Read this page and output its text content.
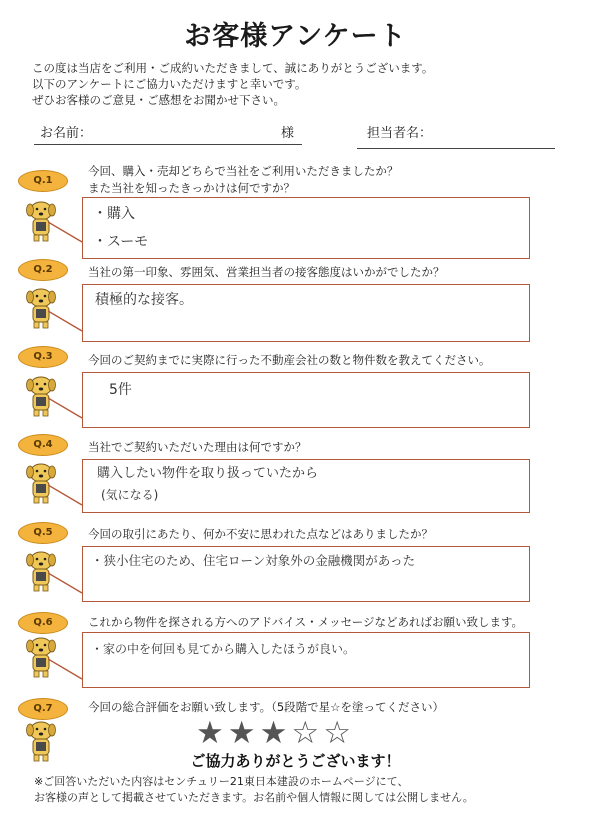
お客様アンケート
この度は当店をご利用・ご成約いただきまして、誠にありがとうございます。
以下のアンケートにご協力いただけますと幸いです。
ぜひお客様のご意見・ご感想をお聞かせ下さい。
お名前：	様	担当者名：
Q.1
今回、購入・売却どちらで当社をご利用いただきましたか？
また当社を知ったきっかけは何ですか？
・購入
・スーモ
Q.2	当社の第一印象、雰囲気、営業担当者の接客態度はいかがでしたか？
積極的な接客。
Q.3	今回のご契約までに実際に行った不動産会社の数と物件数を教えてください。
5件
Q.4	当社でご契約いただいた理由は何ですか？
購入したい物件を取り扱っていたから
(気になる)
Q.5	今回の取引にあたり、何か不安に思われた点などはありましたか？
・狭小住宅のため、住宅ローン対象外の金融機関があった
Q.6	これから物件を探される方へのアドバイス・メッセージなどあればお願い致します。
・家の中を何回も見てから購入したほうが良い。
Q.7	今回の総合評価をお願い致します。（5段階で星☆を塗ってください）
★ ★ ★ ☆ ☆
ご協力ありがとうございます！
※ご回答いただいた内容はセンチュリー21東日本建設のホームページにて、
お客様の声として掲載させていただきます。お名前や個人情報に関しては公開しません。
